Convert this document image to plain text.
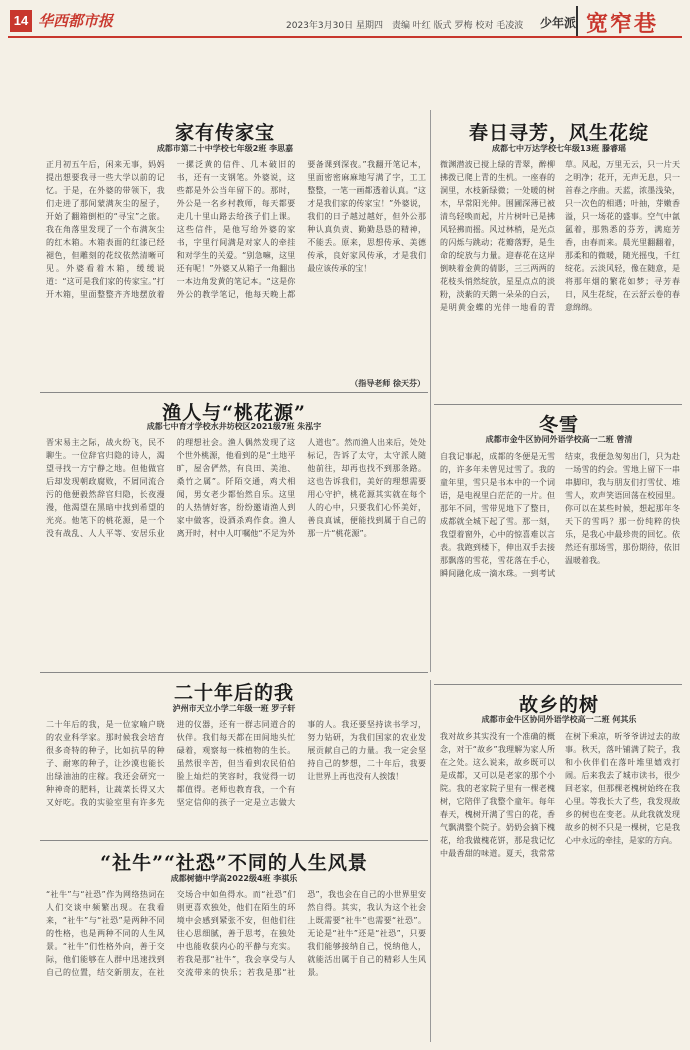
14 华西都市报	2023年3月30日 星期四　责编 叶红 版式 罗梅 校对 毛凌波 少年派 宽窄巷
家有传家宝
成都市第二十中学校七年级2班 李思嘉
正月初五午后，闲来无事，妈妈提出想要我寻一些大学以前的记忆。于是，在外婆的带领下，我们走进了那间蒙满灰尘的屋子，开始了翻箱倒柜的“寻宝”之旅。我在角落里发现了一个布满灰尘的红木箱。木箱表面的红漆已经褪色，但雕刻的花纹依然清晰可见。外婆看着木箱，缓缓说道：“这可是我们家的传家宝。”打开木箱，里面整整齐齐地摆放着一摞泛黄的信件、几本破旧的书，还有一支钢笔。外婆说，这些都是外公当年留下的。那时，外公是一名乡村教师，每天都要走几十里山路去给孩子们上课。这些信件，是他写给外婆的家书，字里行间满是对家人的牵挂和对学生的关爱。“别急嘛，这里还有呢！”外婆又从箱子一角翻出一本边角发黄的笔记本。“这是你外公的教学笔记，他每天晚上都要备课到深夜。”我翻开笔记本，里面密密麻麻地写满了字，工工整整，一笔一画都透着认真。“这才是我们家的传家宝！”外婆说，我们的日子越过越好，但外公那种认真负责、勤勤恳恳的精神，不能丢。原来，思想传承、美德传承，良好家风传承，才是我们最应该传承的宝！
（指导老师 徐天芬）
春日寻芳，风生花绽
成都七中万达学校七年级13班 滕睿瑶
微渊潜波已搅上绿的青翠，醉柳拂拨已爬上青的生机。一座春的洞里，水枝新绿微；一处暖的树木，早常阳光伸。围圃深薄已被清鸟轻唤而起，片片树叶已是拂风轻拂而摇。风过林梢，是光点的闪烁与跳动；花瓣落野，是生命的绽放与力量。迎春花在这岸倒映着金黄的倩影，三三两两的花枝头悄然绽放，星星点点的淡粉，淡紫的天鹅一朵朵的白云，是明黄金蝶的光伴一地看的青草。风起，万里无云，只一片天之明净；花开，无声无息，只一首春之序曲。天蓝，浓墨浅染，只一次色的相遇；叶抽，芽嫩香溢，只一场花的盛事。空气中氤氲着，那熟悉的芬芳，满庭芳香，由春而来。晨光里翻翻着，那柔和的微暖，随光摇曳，千红绽花。云淡风轻，像在随意，是将那年烟的繁花如梦；寻芳春日，风生花绽，在云舒云卷的春意绵绵。
渔人与“桃花源”
成都七中育才学校水井坊校区2021级7班 朱泓宇
晋宋易主之际，战火纷飞，民不聊生。一位辞官归隐的诗人，渴望寻找一方宁静之地。但他做官后却发现朝政腐败，不屑同流合污的他便毅然辞官归隐，长夜漫漫，他渴望在黑暗中找到希望的光亮。他笔下的桃花源，是一个没有战乱、人人平等、安居乐业的理想社会。渔人偶然发现了这个世外桃源，他看到的是“土地平旷，屋舍俨然，有良田、美池、桑竹之属”。阡陌交通，鸡犬相闻，男女老少都怡然自乐。这里的人热情好客，纷纷邀请渔人到家中做客，设酒杀鸡作食。渔人离开时，村中人叮嘱他“不足为外人道也”。然而渔人出来后，处处标记，告诉了太守，太守派人随他前往，却再也找不到那条路。这也告诉我们，美好的理想需要用心守护，桃花源其实就在每个人的心中，只要我们心怀美好，善良真诚，便能找到属于自己的那一片“桃花源”。
冬雪
成都市金牛区协同外语学校高一二班 曾清
自我记事起，成都的冬便是无雪的，许多年未曾见过雪了。我的童年里，雪只是书本中的一个词语，是电视里白茫茫的一片。但那年不同，雪带见地下了整日，成都就全城下起了雪。那一刻，我望着窗外，心中的惊喜难以言表。我跑到楼下，伸出双手去接那飘落的雪花，雪花落在手心，瞬间融化成一滴水珠。一到考试结束，我便急匆匆出门，只为赴一场雪的约会。雪地上留下一串串脚印，我与朋友们打雪仗、堆雪人，欢声笑语回荡在校园里。你可以在某些时候，想起那年冬天下的雪吗？那一份纯粹的快乐，是我心中最珍贵的回忆。依然还有那场雪，那份期待，依旧温暖着我。
二十年后的我
泸州市天立小学二年级一班 罗子轩
二十年后的我，是一位家喻户晓的农业科学家。那时候我会培育很多奇特的种子，比如抗旱的种子、耐寒的种子，让沙漠也能长出绿油油的庄稼。我还会研究一种神奇的肥料，让蔬菜长得又大又好吃。我的实验室里有许多先进的仪器，还有一群志同道合的伙伴。我们每天都在田间地头忙碌着，观察每一株植物的生长。虽然很辛苦，但当看到农民伯伯脸上灿烂的笑容时，我觉得一切都值得。老师也教育我，一个有坚定信仰的孩子一定是立志做大事的人。我还要坚持读书学习，努力钻研，为我们国家的农业发展贡献自己的力量。我一定会坚持自己的梦想，二十年后，我要让世界上再也没有人挨饿！
故乡的树
成都市金牛区协同外语学校高一二班 何其乐
我对故乡其实没有一个准确的概念，对于“故乡”我理解为家人所在之处。这么说来，故乡既可以是成都，又可以是老家的那个小院。我的老家院子里有一棵老槐树，它陪伴了我整个童年。每年春天，槐树开满了雪白的花，香气飘满整个院子。奶奶会摘下槐花，给我做槐花饼，那是我记忆中最香甜的味道。夏天，我常常在树下乘凉，听爷爷讲过去的故事。秋天，落叶铺满了院子，我和小伙伴们在落叶堆里嬉戏打闹。后来我去了城市读书，很少回老家，但那棵老槐树始终在我心里。等我长大了些，我发现故乡的树也在变老。从此我就发现故乡的树不只是一棵树，它是我心中永远的牵挂，是家的方向。
“社牛”“社恐”不同的人生风景
成都树德中学高2022级4班 李祺乐
“社牛”与“社恐”作为网络热词在人们交谈中频繁出现。在我看来，“社牛”与“社恐”是两种不同的性格，也是两种不同的人生风景。“社牛”们性格外向，善于交际，他们能够在人群中迅速找到自己的位置，结交新朋友，在社交场合中如鱼得水。而“社恐”们则更喜欢独处，他们在陌生的环境中会感到紧张不安，但他们往往心思细腻，善于思考，在独处中也能收获内心的平静与充实。若我是那“社牛”，我会享受与人交流带来的快乐；若我是那“社恐”，我也会在自己的小世界里安然自得。其实，我认为这个社会上既需要“社牛”也需要“社恐”。无论是“社牛”还是“社恐”，只要我们能够接纳自己，悦纳他人，就能活出属于自己的精彩人生风景。
